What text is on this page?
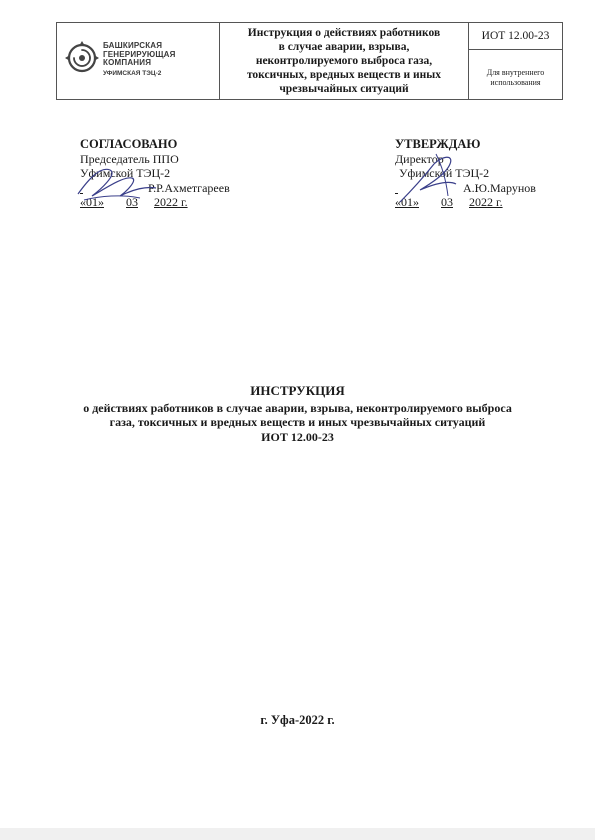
БАШКИРСКАЯ
ГЕНЕРИРУЮЩАЯ
КОМПАНИЯ
УФИМСКАЯ ТЭЦ-2
Инструкция о действиях работников
в случае аварии, взрыва,
неконтролируемого выброса газа,
токсичных, вредных веществ и иных
чрезвычайных ситуаций
ИОТ 12.00-23
Для внутреннего
использования
СОГЛАСОВАНО
Председатель ППО
Уфимской ТЭЦ-2
Р.Р.Ахметгареев
«01» 03 2022 г.
УТВЕРЖДАЮ
Директор
Уфимской ТЭЦ-2
А.Ю.Марунов
«01» 03 2022 г.
ИНСТРУКЦИЯ
о действиях работников в случае аварии, взрыва, неконтролируемого выброса
газа, токсичных и вредных веществ и иных чрезвычайных ситуаций
ИОТ 12.00-23
г. Уфа-2022 г.
